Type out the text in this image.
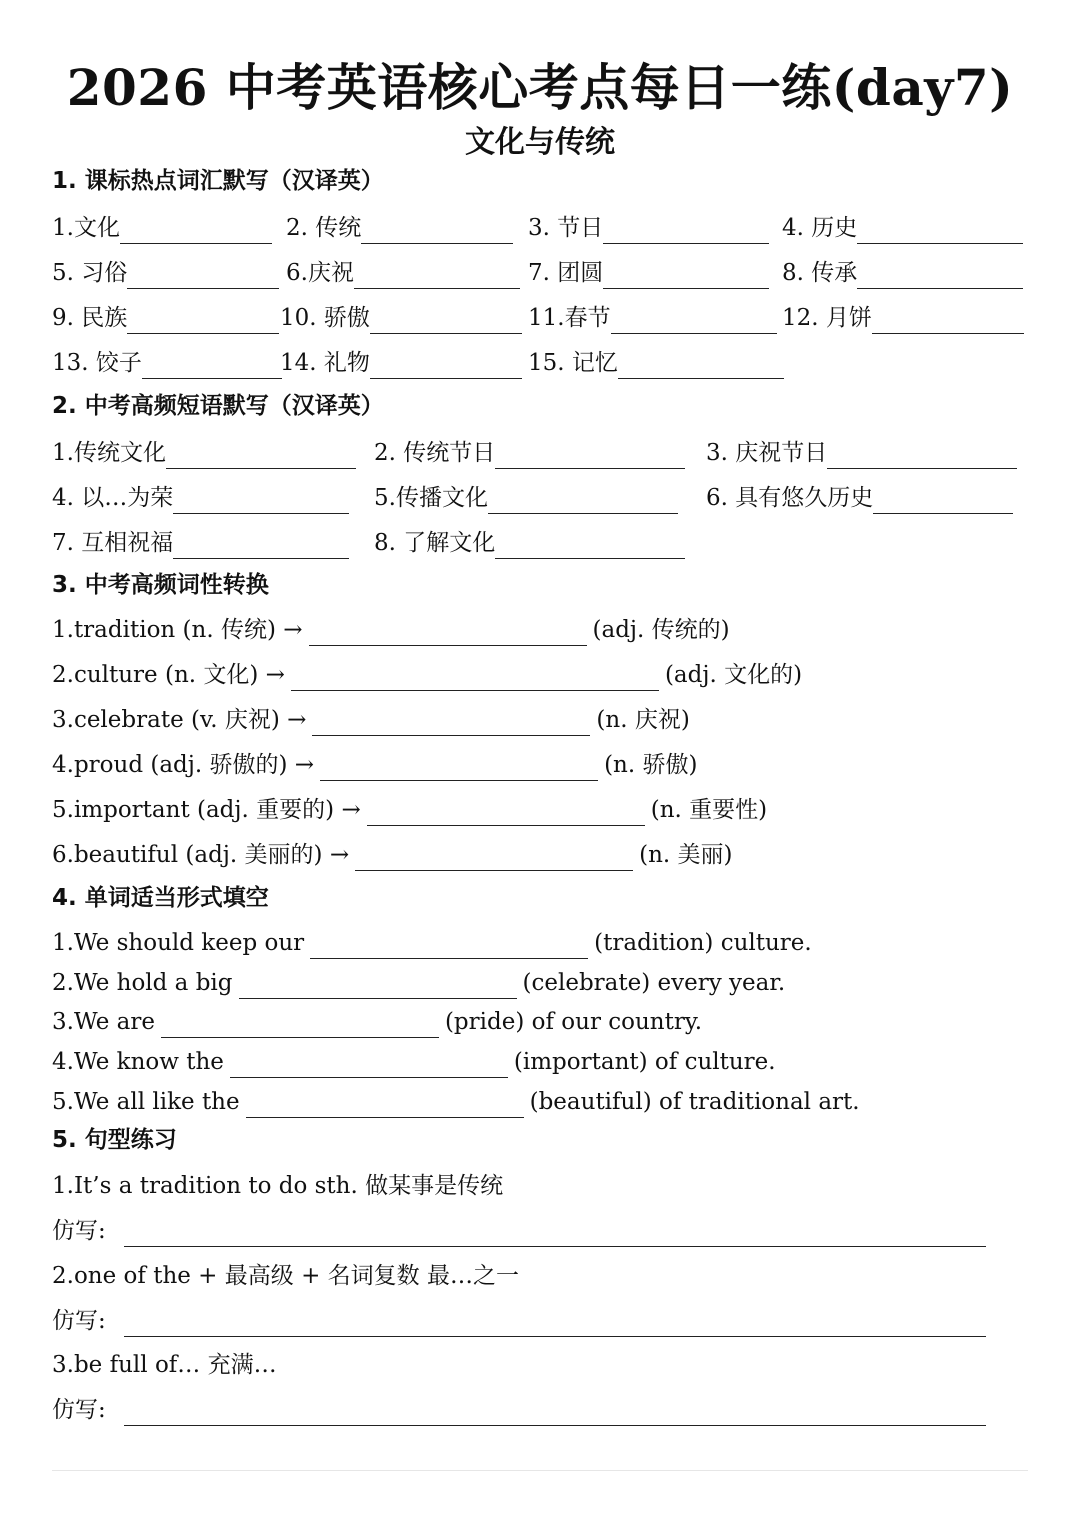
2026 中考英语核心考点每日一练(day7)
文化与传统
1. 课标热点词汇默写（汉译英）
1.文化	2. 传统	3. 节日	4. 历史
5. 习俗	6.庆祝	7. 团圆	8. 传承
9. 民族	10. 骄傲	11.春节	12. 月饼
13. 饺子	14. 礼物	15. 记忆
2. 中考高频短语默写（汉译英）
1.传统文化	2. 传统节日	3. 庆祝节日
4. 以…为荣	5.传播文化	6. 具有悠久历史
7. 互相祝福	8. 了解文化
3. 中考高频词性转换
1.tradition (n. 传统) →	(adj. 传统的)
2.culture (n. 文化) →	(adj. 文化的)
3.celebrate (v. 庆祝) →	(n. 庆祝)
4.proud (adj. 骄傲的) →	(n. 骄傲)
5.important (adj. 重要的) →	(n. 重要性)
6.beautiful (adj. 美丽的) →	(n. 美丽)
4. 单词适当形式填空
1.We should keep our	(tradition) culture.
2.We hold a big	(celebrate) every year.
3.We are	(pride) of our country.
4.We know the	(important) of culture.
5.We all like the	(beautiful) of traditional art.
5. 句型练习
1.It’s a tradition to do sth. 做某事是传统
仿写:
2.one of the + 最高级 + 名词复数 最…之一
仿写:
3.be full of… 充满…
仿写:
